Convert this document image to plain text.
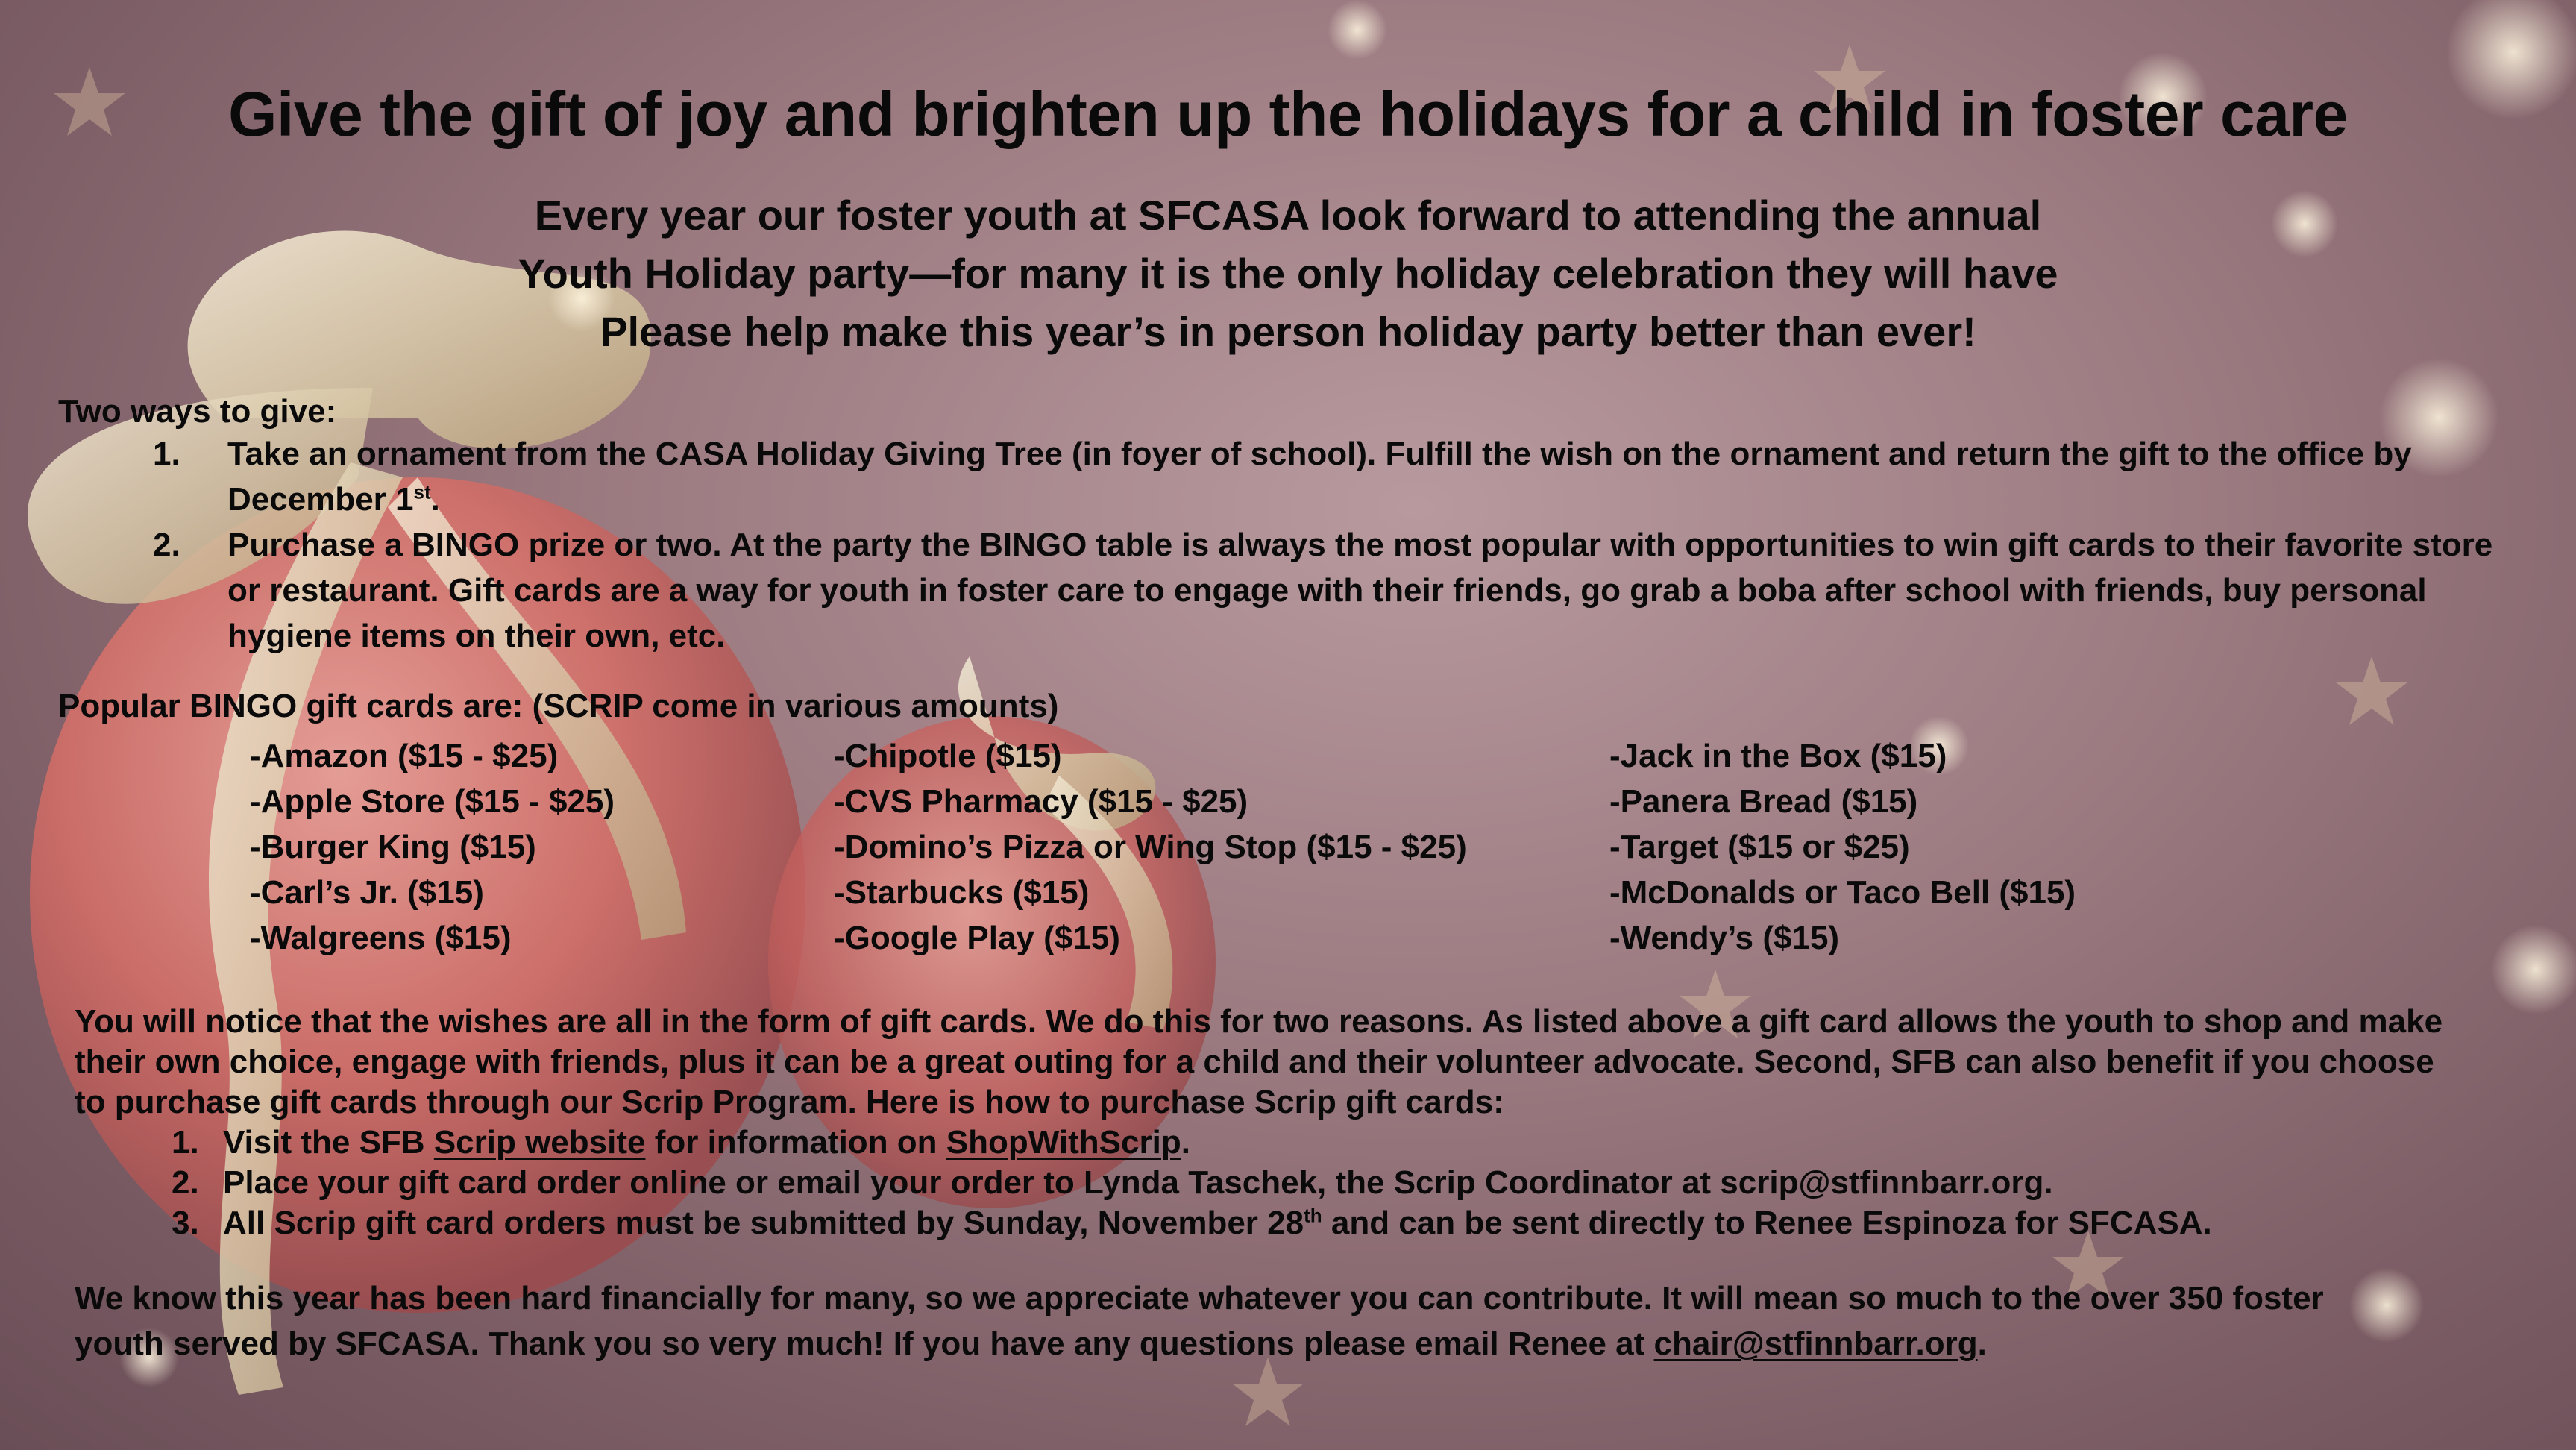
Give the gift of joy and brighten up the holidays for a child in foster care
Every year our foster youth at SFCASA look forward to attending the annual
Youth Holiday party—for many it is the only holiday celebration they will have
Please help make this year’s in person holiday party better than ever!
Two ways to give:
1. Take an ornament from the CASA Holiday Giving Tree (in foyer of school). Fulfill the wish on the ornament and return the gift to the office by December 1st.
2. Purchase a BINGO prize or two. At the party the BINGO table is always the most popular with opportunities to win gift cards to their favorite store or restaurant. Gift cards are a way for youth in foster care to engage with their friends, go grab a boba after school with friends, buy personal hygiene items on their own, etc.
Popular BINGO gift cards are: (SCRIP come in various amounts)
-Amazon ($15 - $25)
-Apple Store ($15 - $25)
-Burger King ($15)
-Carl’s Jr. ($15)
-Walgreens ($15)
-Chipotle ($15)
-CVS Pharmacy ($15 - $25)
-Domino’s Pizza or Wing Stop ($15 - $25)
-Starbucks ($15)
-Google Play ($15)
-Jack in the Box ($15)
-Panera Bread ($15)
-Target ($15 or $25)
-McDonalds or Taco Bell ($15)
-Wendy’s ($15)
You will notice that the wishes are all in the form of gift cards. We do this for two reasons. As listed above a gift card allows the youth to shop and make
their own choice, engage with friends, plus it can be a great outing for a child and their volunteer advocate. Second, SFB can also benefit if you choose
to purchase gift cards through our Scrip Program. Here is how to purchase Scrip gift cards:
1. Visit the SFB Scrip website for information on ShopWithScrip.
2. Place your gift card order online or email your order to Lynda Taschek, the Scrip Coordinator at scrip@stfinnbarr.org.
3. All Scrip gift card orders must be submitted by Sunday, November 28th and can be sent directly to Renee Espinoza for SFCASA.
We know this year has been hard financially for many, so we appreciate whatever you can contribute. It will mean so much to the over 350 foster
youth served by SFCASA. Thank you so very much! If you have any questions please email Renee at chair@stfinnbarr.org.
